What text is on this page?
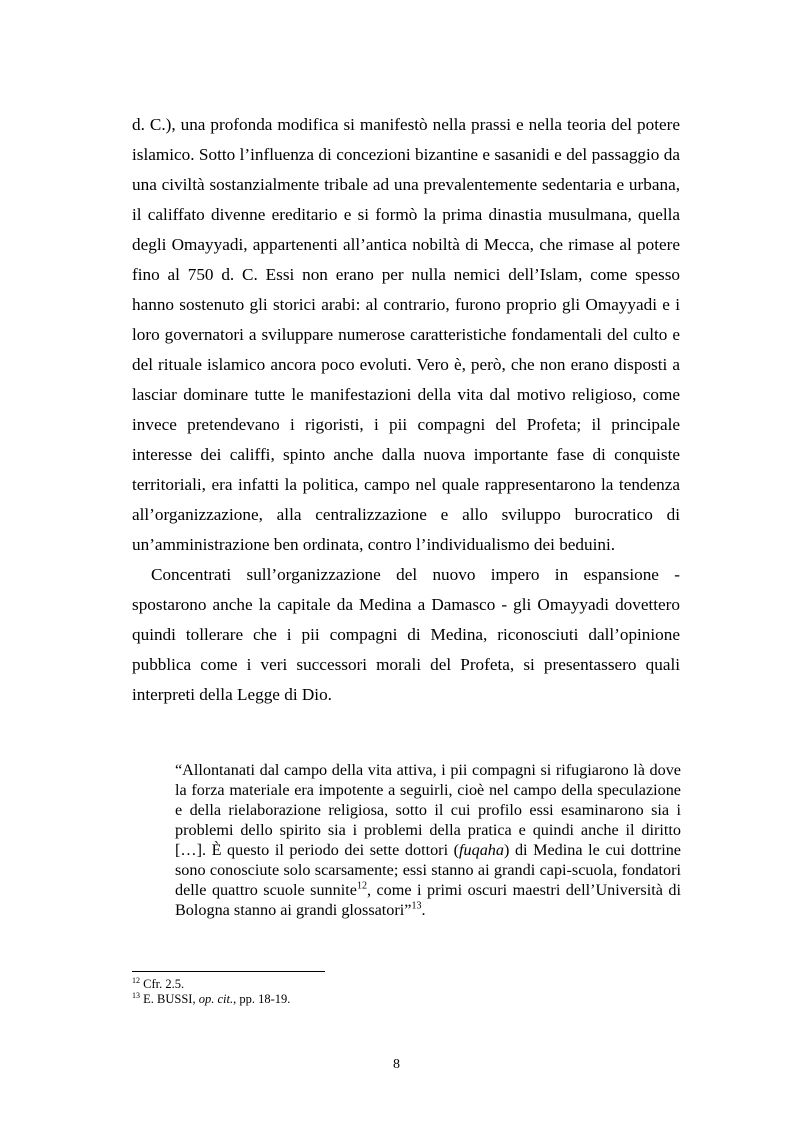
d. C.), una profonda modifica si manifestò nella prassi e nella teoria del potere islamico. Sotto l’influenza di concezioni bizantine e sasanidi e del passaggio da una civiltà sostanzialmente tribale ad una prevalentemente sedentaria e urbana, il califfato divenne ereditario e si formò la prima dinastia musulmana, quella degli Omayyadi, appartenenti all’antica nobiltà di Mecca, che rimase al potere fino al 750 d. C. Essi non erano per nulla nemici dell’Islam, come spesso hanno sostenuto gli storici arabi: al contrario, furono proprio gli Omayyadi e i loro governatori a sviluppare numerose caratteristiche fondamentali del culto e del rituale islamico ancora poco evoluti. Vero è, però, che non erano disposti a lasciar dominare tutte le manifestazioni della vita dal motivo religioso, come invece pretendevano i rigoristi, i pii compagni del Profeta; il principale interesse dei califfi, spinto anche dalla nuova importante fase di conquiste territoriali, era infatti la politica, campo nel quale rappresentarono la tendenza all’organizzazione, alla centralizzazione e allo sviluppo burocratico di un’amministrazione ben ordinata, contro l’individualismo dei beduini.

Concentrati sull’organizzazione del nuovo impero in espansione - spostarono anche la capitale da Medina a Damasco - gli Omayyadi dovettero quindi tollerare che i pii compagni di Medina, riconosciuti dall’opinione pubblica come i veri successori morali del Profeta, si presentassero quali interpreti della Legge di Dio.

“Allontanati dal campo della vita attiva, i pii compagni si rifugiarono là dove la forza materiale era impotente a seguirli, cioè nel campo della speculazione e della rielaborazione religiosa, sotto il cui profilo essi esaminarono sia i problemi dello spirito sia i problemi della pratica e quindi anche il diritto […]. È questo il periodo dei sette dottori (fuqaha) di Medina le cui dottrine sono conosciute solo scarsamente; essi stanno ai grandi capi-scuola, fondatori delle quattro scuole sunnite$^{12}$, come i primi oscuri maestri dell’Università di Bologna stanno ai grandi glossatori”$^{13}$.

$^{12}$ Cfr. 2.5.

$^{13}$ E. BUSSI, op. cit., pp. 18-19.

8
